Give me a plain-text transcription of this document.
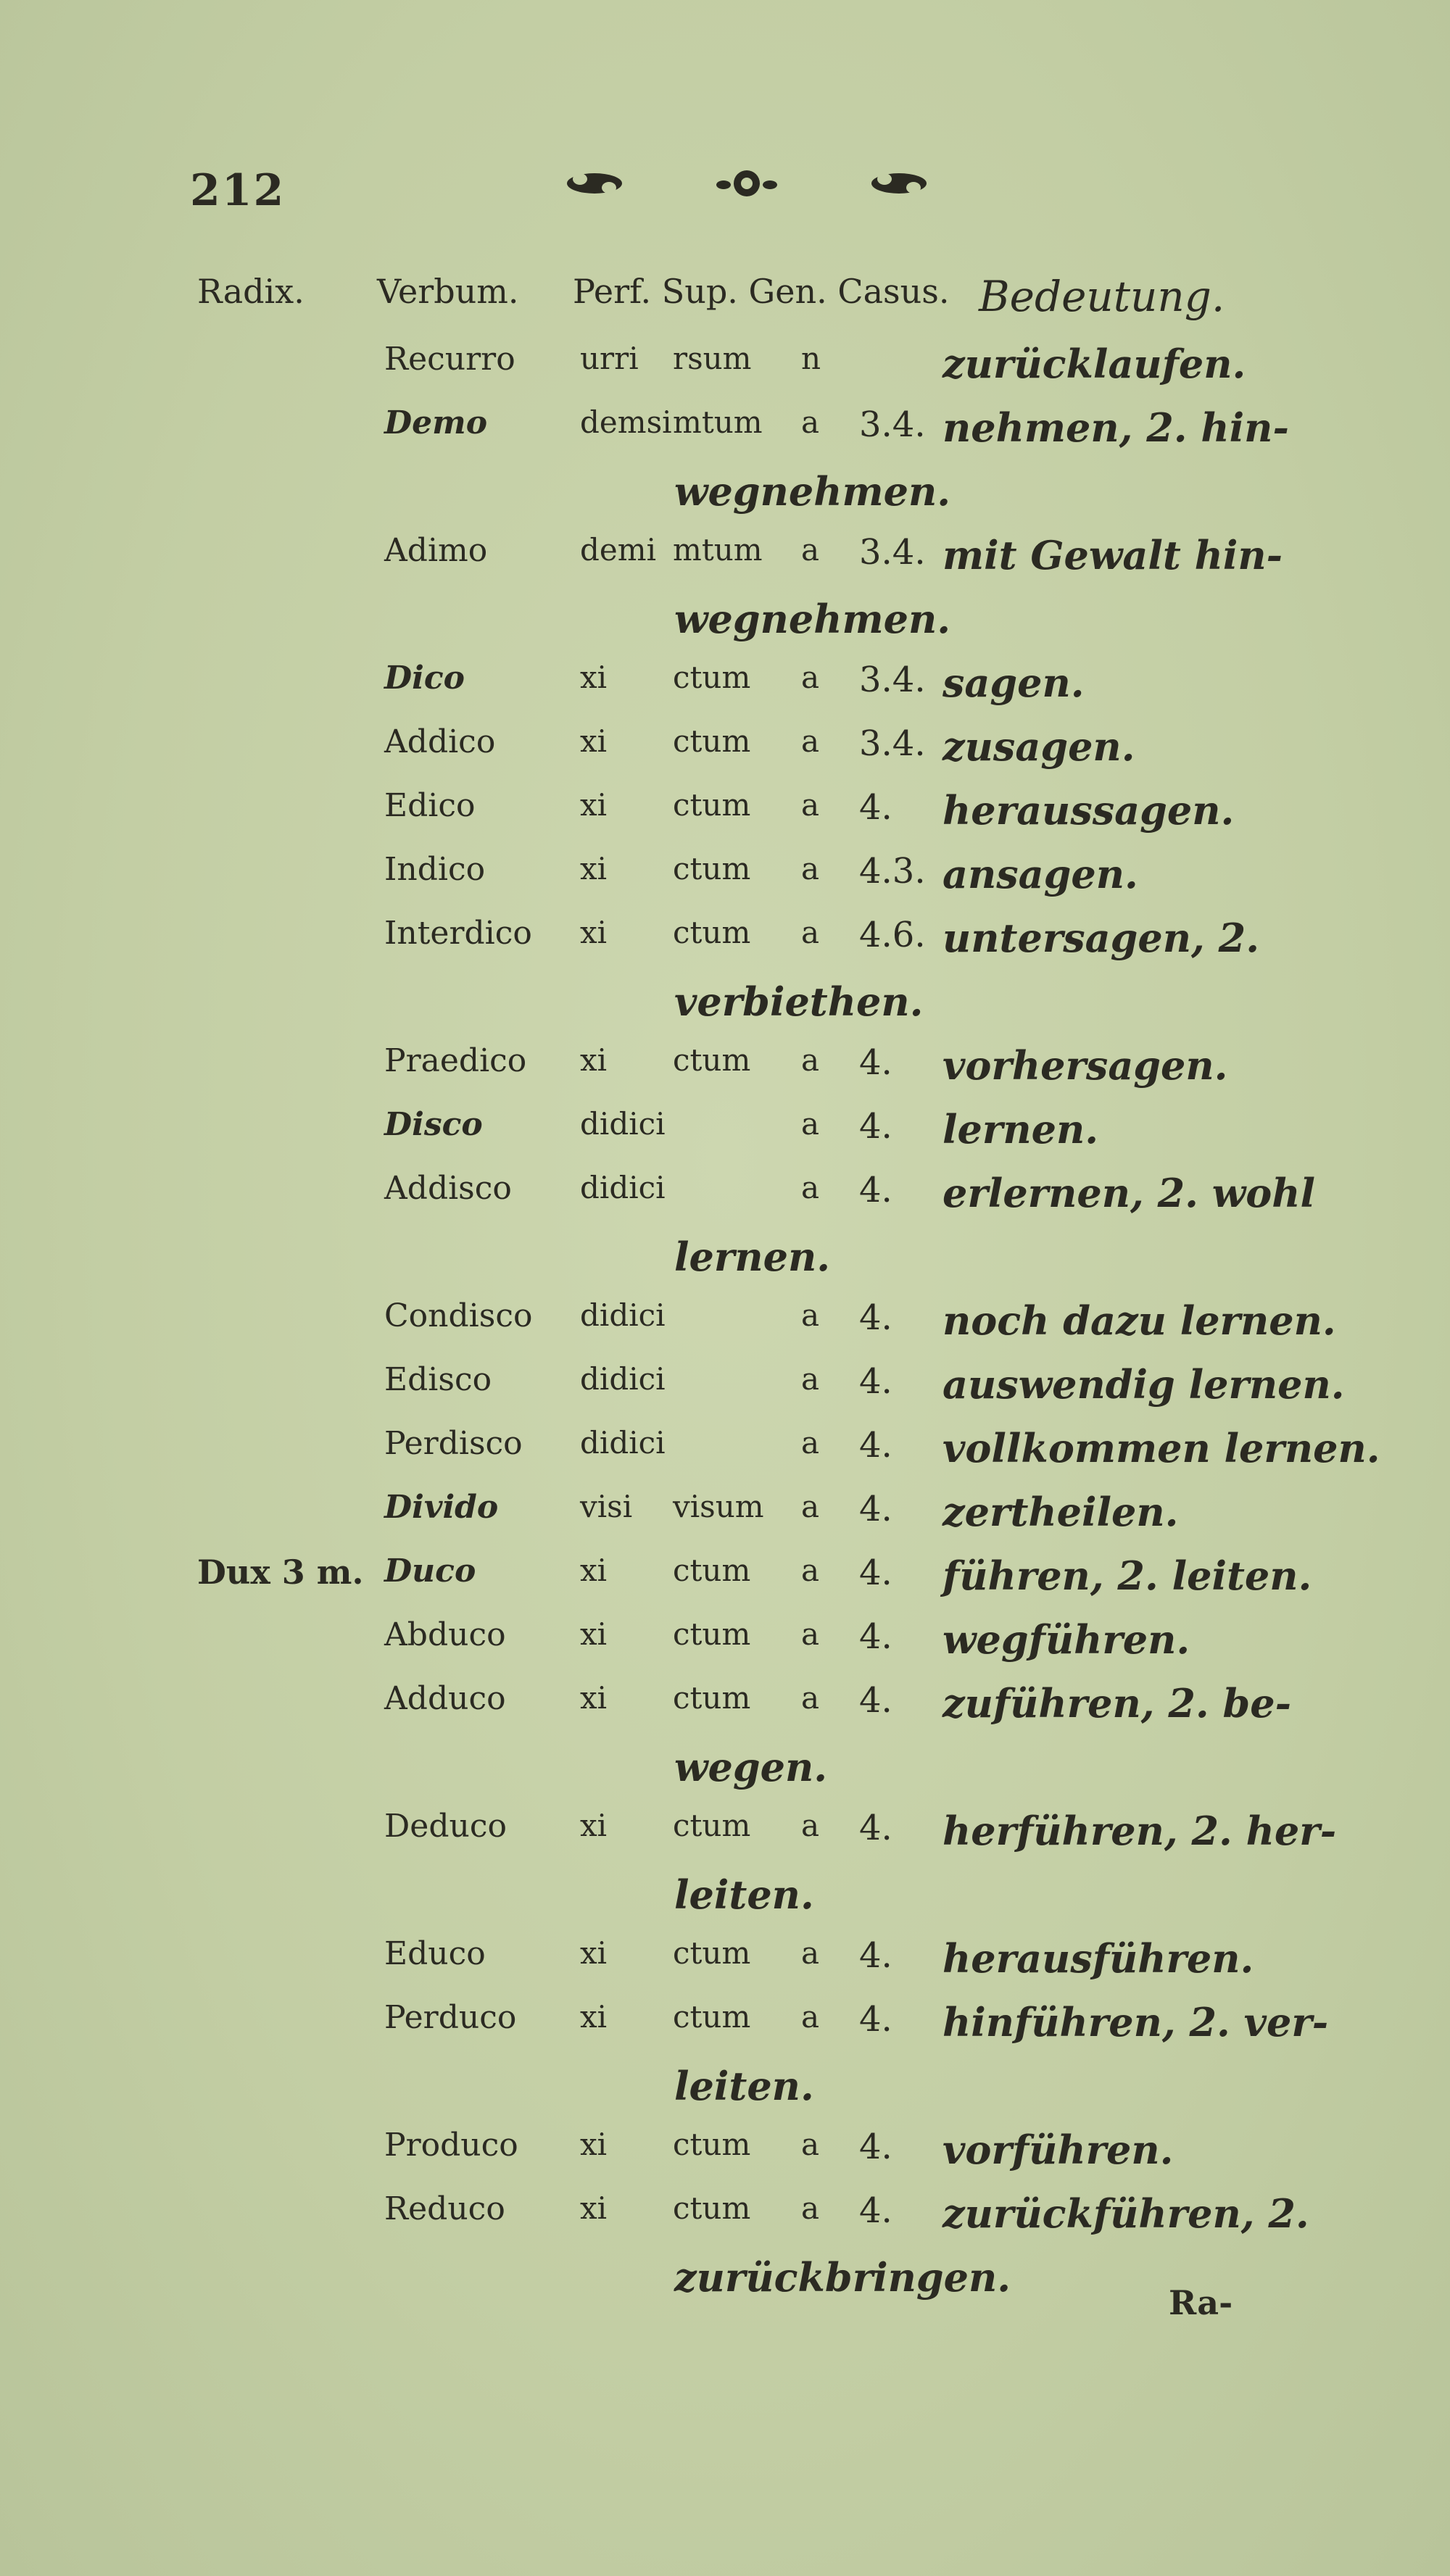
212
Radix. Verbum. Perf. Sup. Gen. Casus. Bedeutung.
Recurro urri rsum n	zurücklaufen.
Demo	demsi mtum a 3.4. nehmen, 2. hin-
wegnehmen.
Adimo	demi mtum a 3.4. mit Gewalt hin-
wegnehmen.
Dico	xi ctum a 3.4. sagen.
Addico	xi ctum a 3.4. zusagen.
Edico	xi ctum a 4. heraussagen.
Indico	xi ctum a 4.3. ansagen.
Interdico xi ctum a 4.6. untersagen, 2.
verbiethen.
Praedico xi ctum a 4. vorhersagen.
Disco	didici	a 4. lernen.
Addisco didici	a 4. erlernen, 2. wohl
lernen.
Condisco didici	a 4. noch dazu lernen.
Edisco	didici	a 4. auswendig lernen.
Perdisco didici	a 4. vollkommen lernen.
Divido	visi visum a 4. zertheilen.
Dux 3 m. Duco	xi ctum a 4. führen, 2. leiten.
Abduco xi ctum a 4. wegführen.
Adduco xi ctum a 4. zuführen, 2. be-
wegen.
Deduco xi ctum a 4. herführen, 2. her-
leiten.
Educo	xi ctum a 4. herausführen.
Perduco xi ctum a 4. hinführen, 2. ver-
leiten.
Produco xi ctum a 4. vorführen.
Reduco xi ctum a 4. zurückführen, 2.
zurückbringen.
Ra-
